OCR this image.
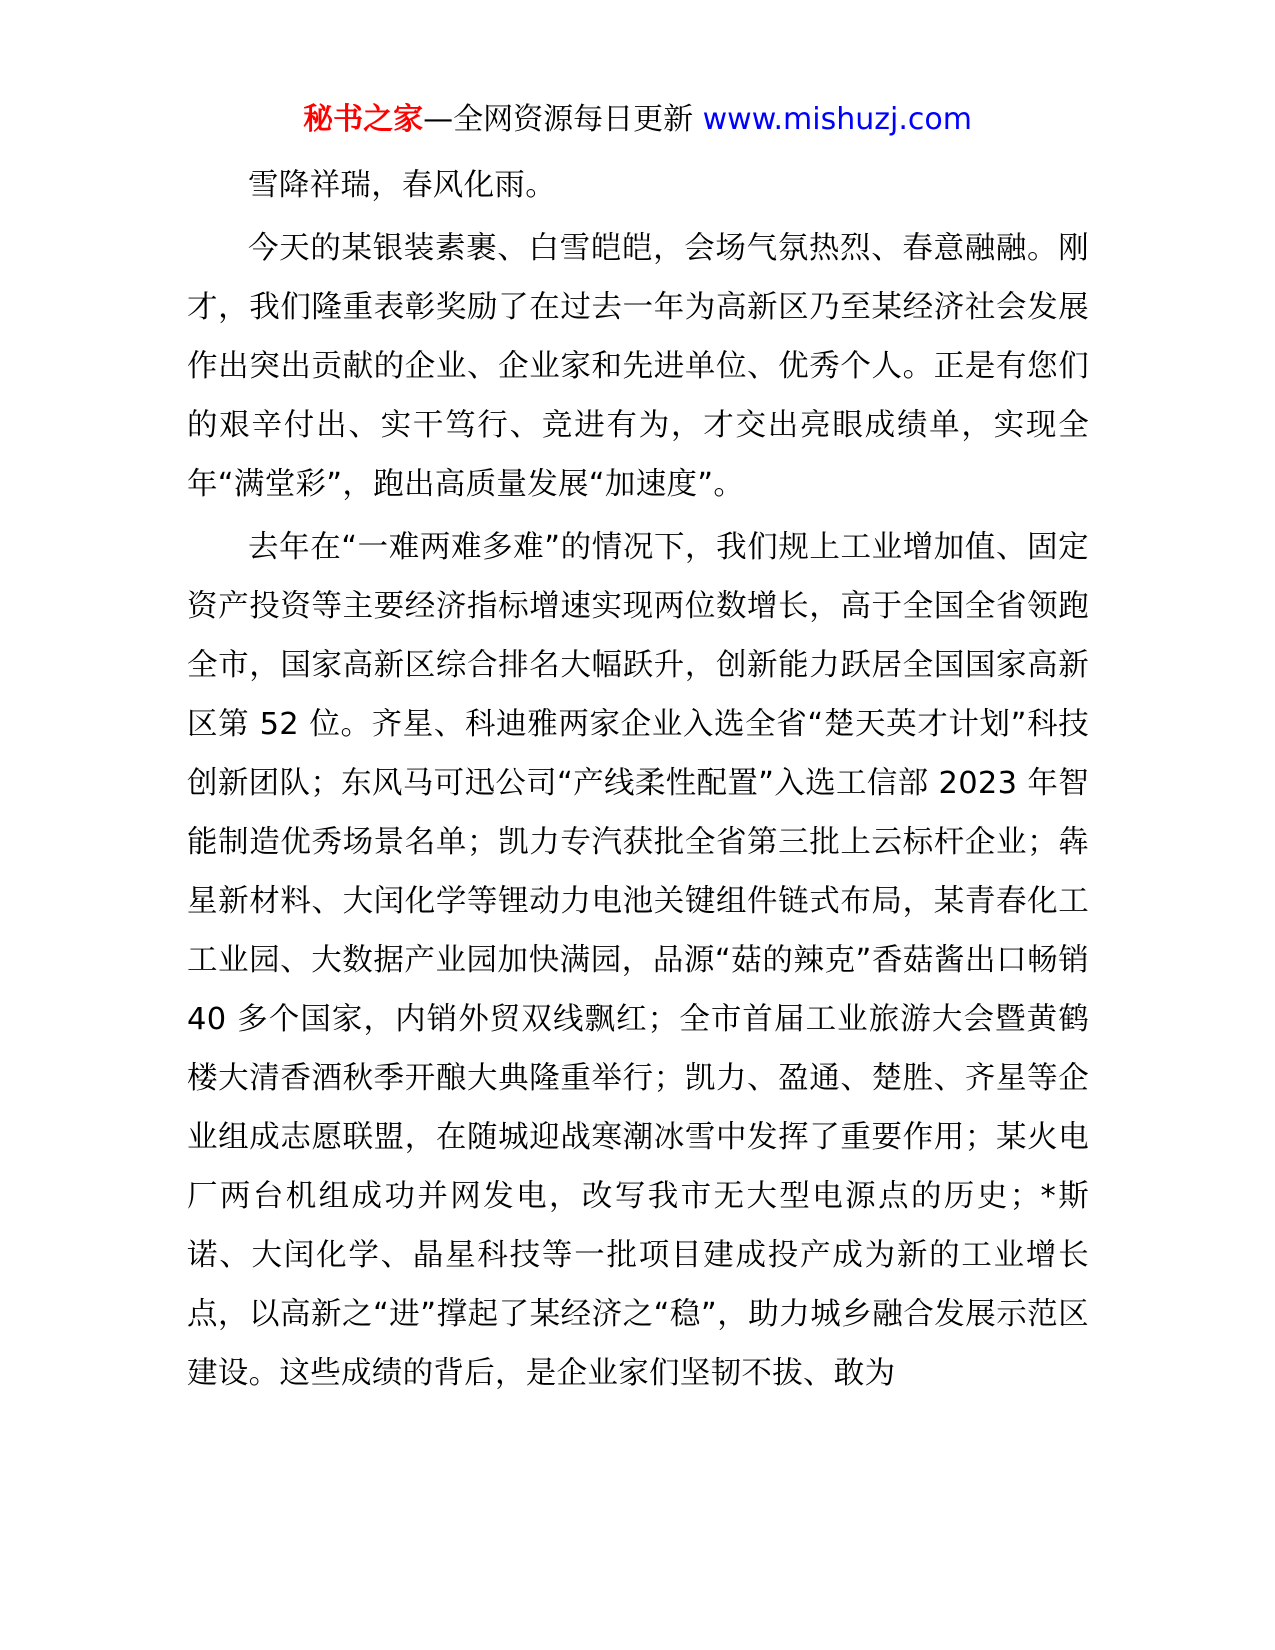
秘书之家—全网资源每日更新 www.mishuzj.com

雪降祥瑞，春风化雨。

今天的某银装素裹、白雪皑皑，会场气氛热烈、春意融融。刚才，我们隆重表彰奖励了在过去一年为高新区乃至某经济社会发展作出突出贡献的企业、企业家和先进单位、优秀个人。正是有您们的艰辛付出、实干笃行、竞进有为，才交出亮眼成绩单，实现全年“满堂彩”，跑出高质量发展“加速度”。

去年在“一难两难多难”的情况下，我们规上工业增加值、固定资产投资等主要经济指标增速实现两位数增长，高于全国全省领跑全市，国家高新区综合排名大幅跃升，创新能力跃居全国国家高新区第 52 位。齐星、科迪雅两家企业入选全省“楚天英才计划”科技创新团队；东风马可迅公司“产线柔性配置”入选工信部 2023 年智能制造优秀场景名单；凯力专汽获批全省第三批上云标杆企业；犇星新材料、大闰化学等锂动力电池关键组件链式布局，某青春化工工业园、大数据产业园加快满园，品源“菇的辣克”香菇酱出口畅销 40 多个国家，内销外贸双线飘红；全市首届工业旅游大会暨黄鹤楼大清香酒秋季开酿大典隆重举行；凯力、盈通、楚胜、齐星等企业组成志愿联盟，在随城迎战寒潮冰雪中发挥了重要作用；某火电厂两台机组成功并网发电，改写我市无大型电源点的历史；*斯诺、大闰化学、晶星科技等一批项目建成投产成为新的工业增长点，以高新之“进”撑起了某经济之“稳”，助力城乡融合发展示范区建设。这些成绩的背后，是企业家们坚韧不拔、敢为
